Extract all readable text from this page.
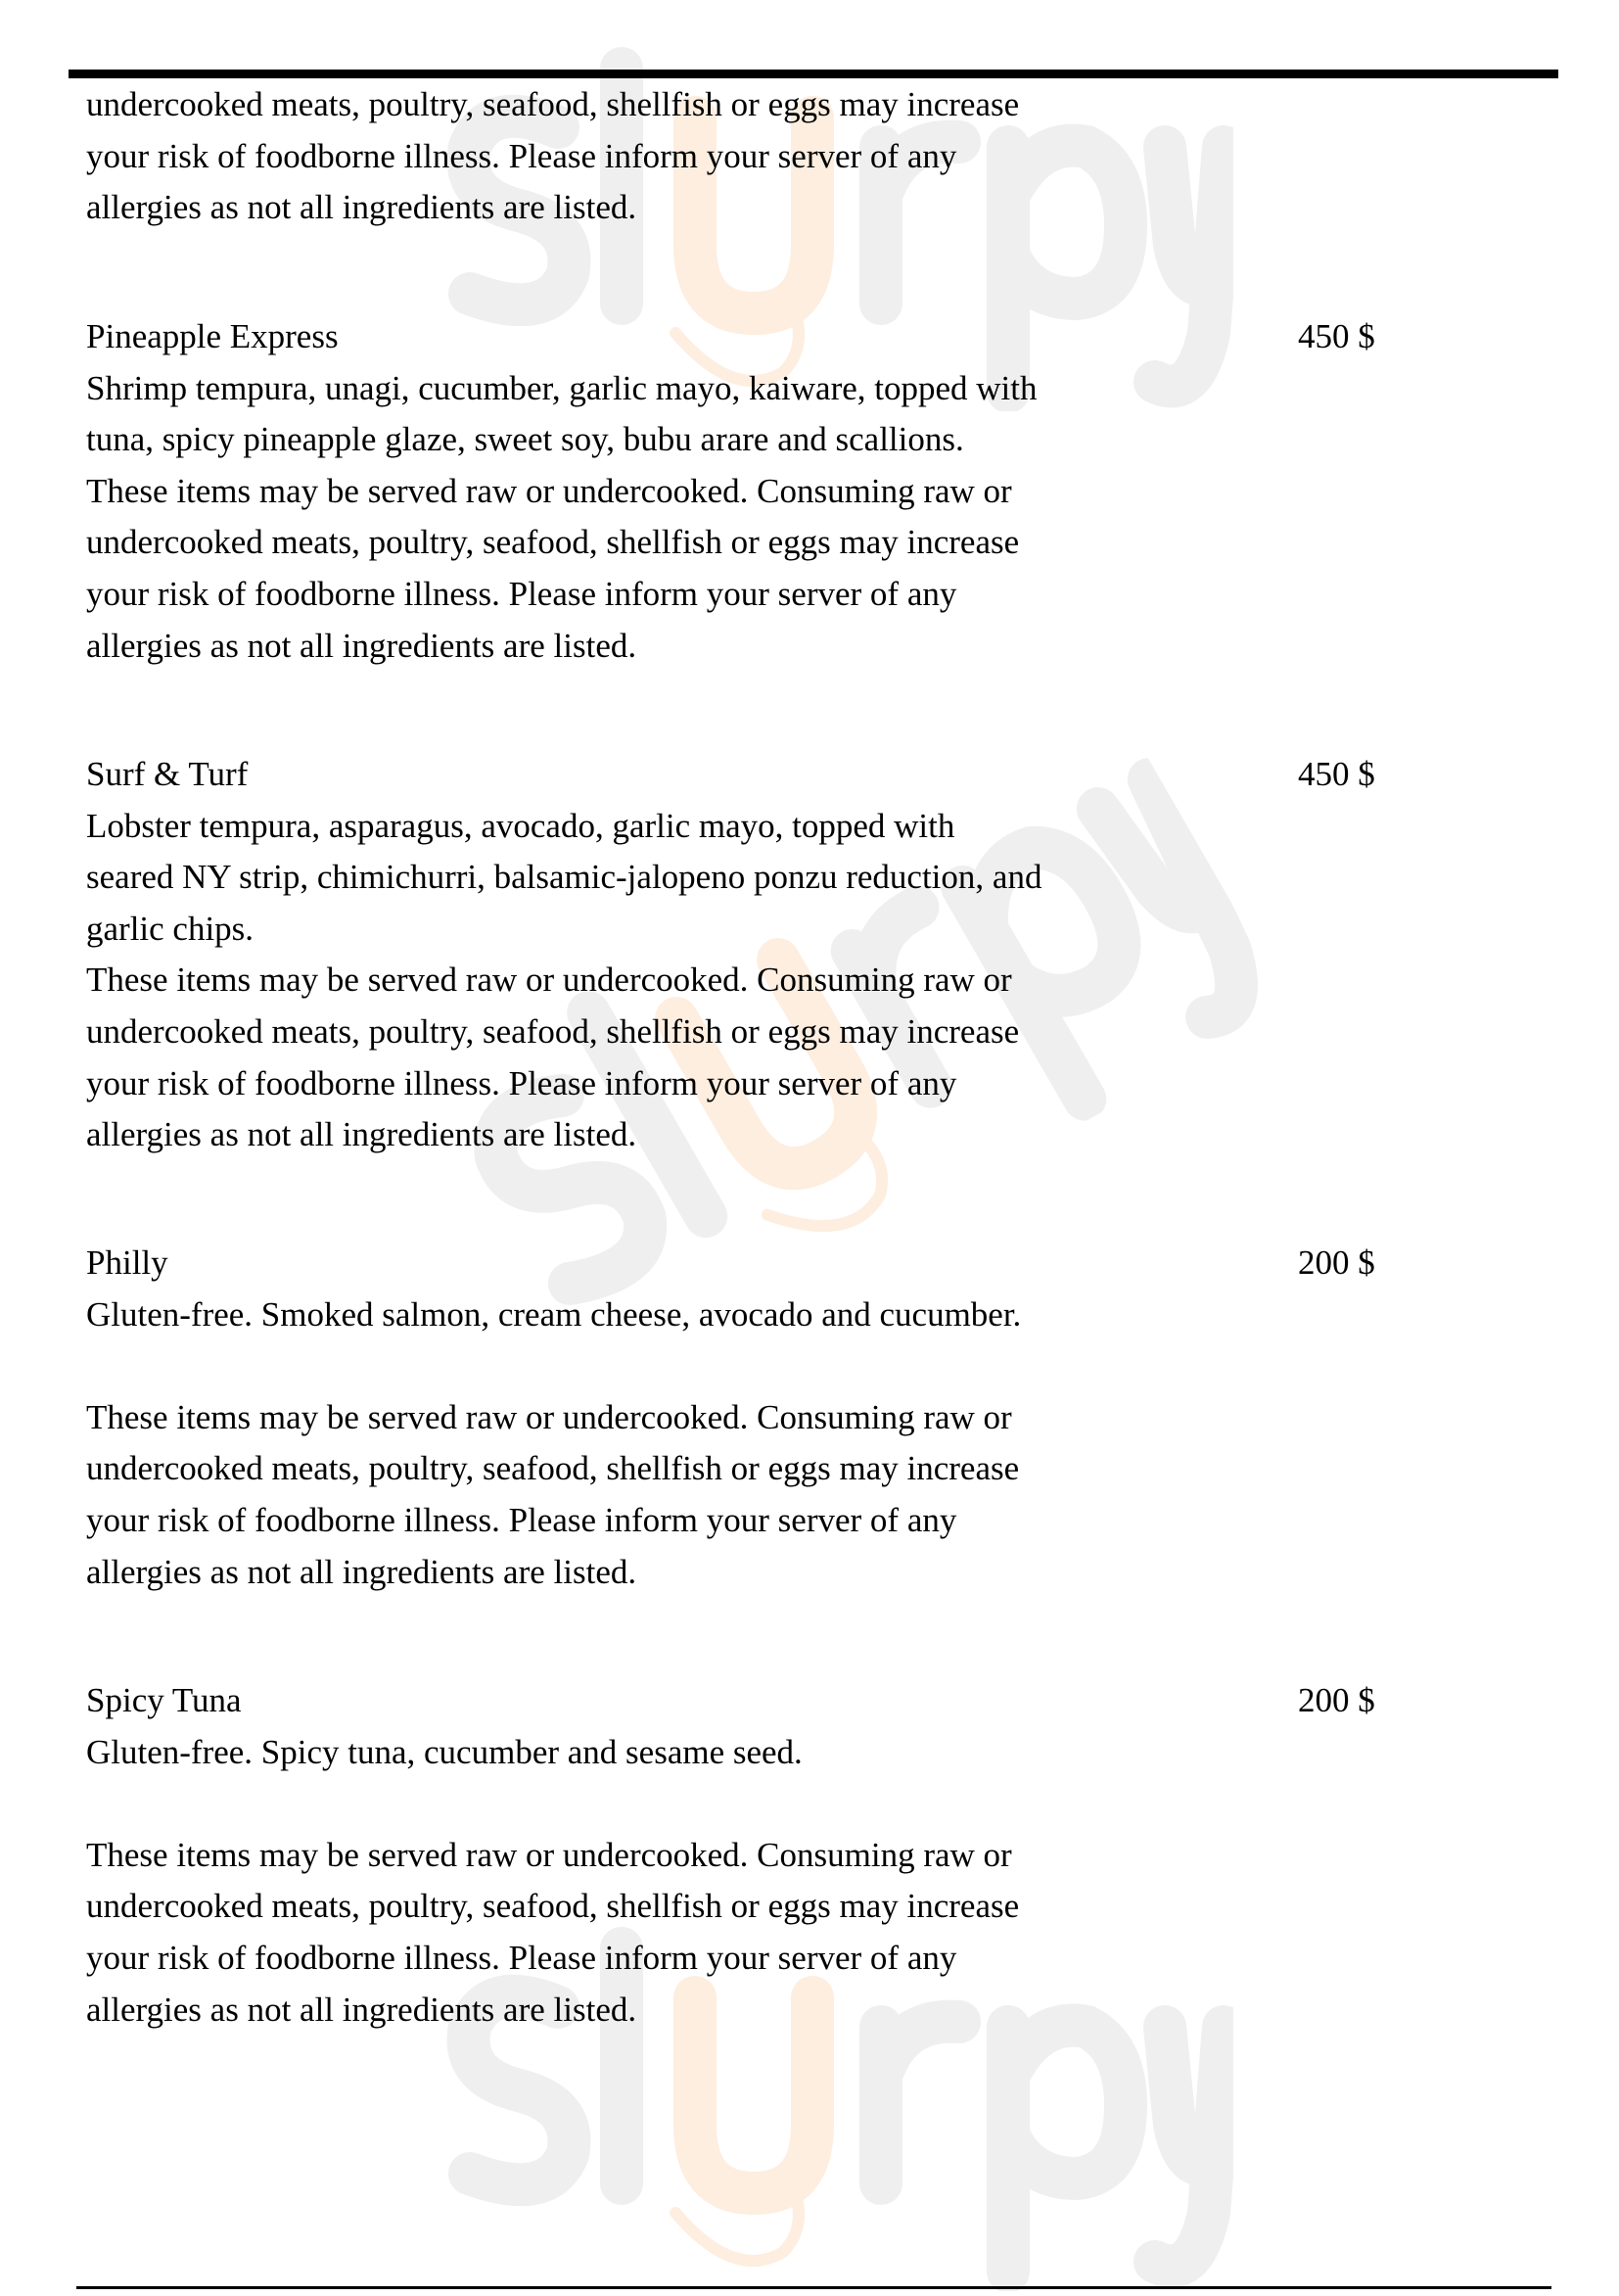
undercooked meats, poultry, seafood, shellfish or eggs may increase
your risk of foodborne illness. Please inform your server of any
allergies as not all ingredients are listed.
Pineapple Express
Shrimp tempura, unagi, cucumber, garlic mayo, kaiware, topped with
tuna, spicy pineapple glaze, sweet soy, bubu arare and scallions.
These items may be served raw or undercooked. Consuming raw or
undercooked meats, poultry, seafood, shellfish or eggs may increase
your risk of foodborne illness. Please inform your server of any
allergies as not all ingredients are listed.
450 $
Surf & Turf
Lobster tempura, asparagus, avocado, garlic mayo, topped with
seared NY strip, chimichurri, balsamic-jalopeno ponzu reduction, and
garlic chips.
These items may be served raw or undercooked. Consuming raw or
undercooked meats, poultry, seafood, shellfish or eggs may increase
your risk of foodborne illness. Please inform your server of any
allergies as not all ingredients are listed.
450 $
Philly
Gluten-free. Smoked salmon, cream cheese, avocado and cucumber.
These items may be served raw or undercooked. Consuming raw or
undercooked meats, poultry, seafood, shellfish or eggs may increase
your risk of foodborne illness. Please inform your server of any
allergies as not all ingredients are listed.
200 $
Spicy Tuna
Gluten-free. Spicy tuna, cucumber and sesame seed.
These items may be served raw or undercooked. Consuming raw or
undercooked meats, poultry, seafood, shellfish or eggs may increase
your risk of foodborne illness. Please inform your server of any
allergies as not all ingredients are listed.
200 $
